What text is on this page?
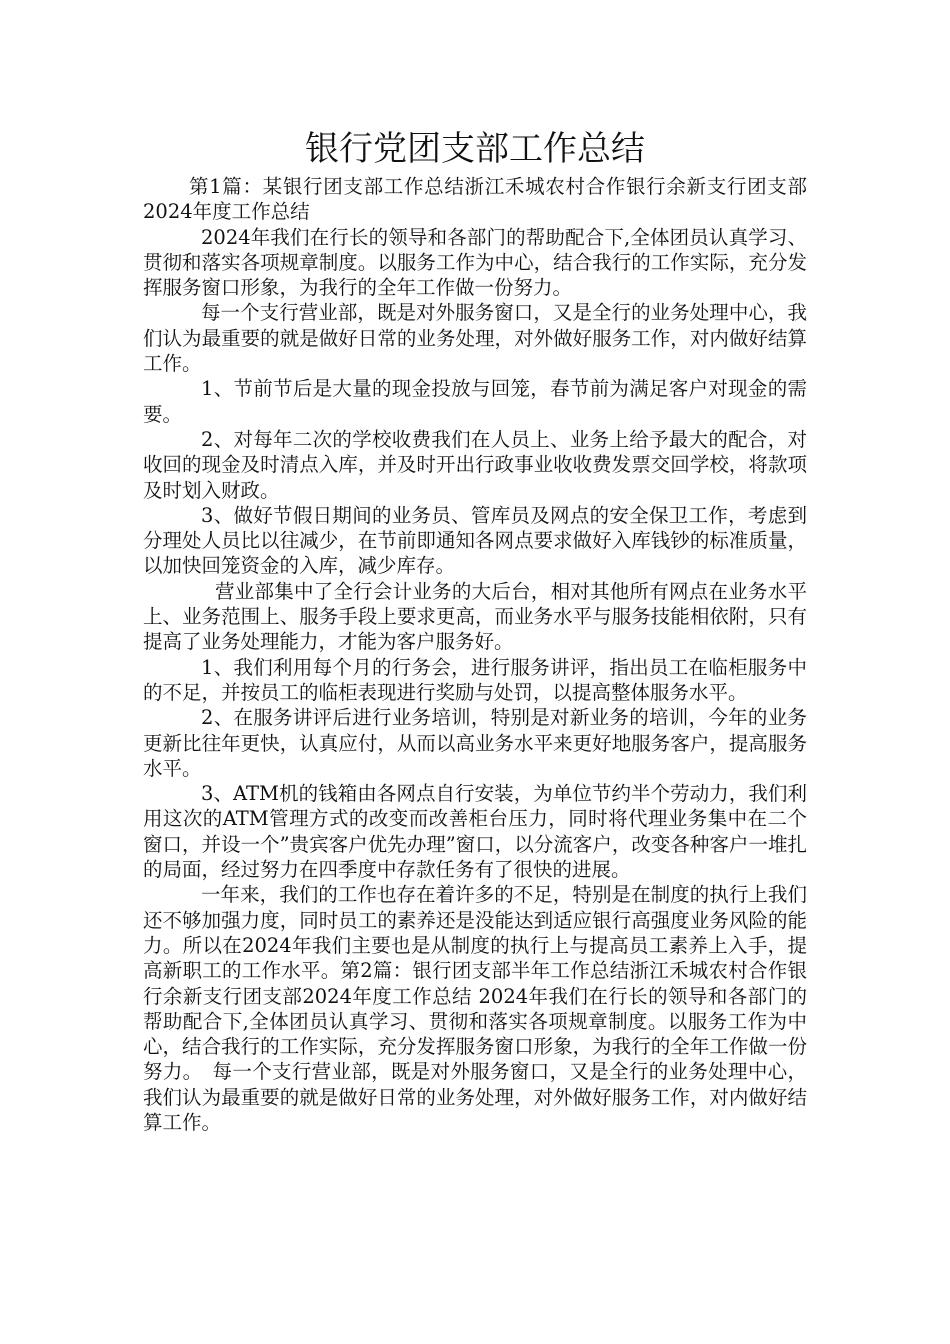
银行党团支部工作总结

第1篇：某银行团支部工作总结浙江禾城农村合作银行余新支行团支部2024年度工作总结

2024年我们在行长的领导和各部门的帮助配合下,全体团员认真学习、贯彻和落实各项规章制度。以服务工作为中心，结合我行的工作实际，充分发挥服务窗口形象，为我行的全年工作做一份努力。

每一个支行营业部，既是对外服务窗口，又是全行的业务处理中心，我们认为最重要的就是做好日常的业务处理，对外做好服务工作，对内做好结算工作。

1、节前节后是大量的现金投放与回笼，春节前为满足客户对现金的需要。

2、对每年二次的学校收费我们在人员上、业务上给予最大的配合，对收回的现金及时清点入库，并及时开出行政事业收收费发票交回学校，将款项及时划入财政。

3、做好节假日期间的业务员、管库员及网点的安全保卫工作，考虑到分理处人员比以往减少，在节前即通知各网点要求做好入库钱钞的标准质量，以加快回笼资金的入库，减少库存。

营业部集中了全行会计业务的大后台，相对其他所有网点在业务水平上、业务范围上、服务手段上要求更高，而业务水平与服务技能相依附，只有提高了业务处理能力，才能为客户服务好。

1、我们利用每个月的行务会，进行服务讲评，指出员工在临柜服务中的不足，并按员工的临柜表现进行奖励与处罚，以提高整体服务水平。

2、在服务讲评后进行业务培训，特别是对新业务的培训，今年的业务更新比往年更快，认真应付，从而以高业务水平来更好地服务客户，提高服务水平。

3、ATM机的钱箱由各网点自行安装，为单位节约半个劳动力，我们利用这次的ATM管理方式的改变而改善柜台压力，同时将代理业务集中在二个窗口，并设一个”贵宾客户优先办理”窗口，以分流客户，改变各种客户一堆扎的局面，经过努力在四季度中存款任务有了很快的进展。

一年来，我们的工作也存在着许多的不足，特别是在制度的执行上我们还不够加强力度，同时员工的素养还是没能达到适应银行高强度业务风险的能力。所以在2024年我们主要也是从制度的执行上与提高员工素养上入手，提高新职工的工作水平。第2篇：银行团支部半年工作总结浙江禾城农村合作银行余新支行团支部2024年度工作总结 2024年我们在行长的领导和各部门的帮助配合下,全体团员认真学习、贯彻和落实各项规章制度。以服务工作为中心，结合我行的工作实际，充分发挥服务窗口形象，为我行的全年工作做一份努力。　每一个支行营业部，既是对外服务窗口，又是全行的业务处理中心，我们认为最重要的就是做好日常的业务处理，对外做好服务工作，对内做好结算工作。
